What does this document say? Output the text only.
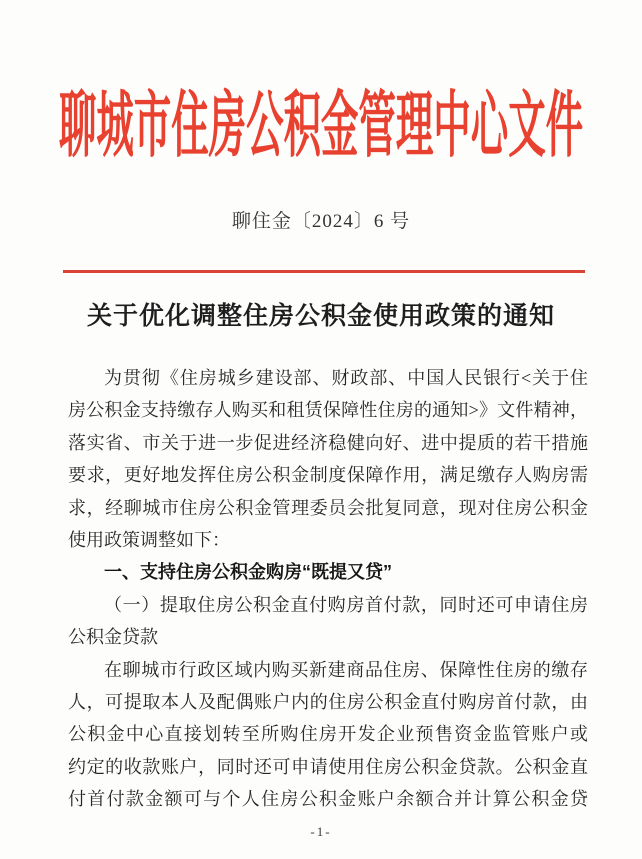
聊城市住房公积金管理中心文件
聊住金〔2024〕6 号
关于优化调整住房公积金使用政策的通知
为贯彻《住房城乡建设部、财政部、中国人民银行<关于住
房公积金支持缴存人购买和租赁保障性住房的通知>》文件精神，
落实省、市关于进一步促进经济稳健向好、进中提质的若干措施
要求，更好地发挥住房公积金制度保障作用，满足缴存人购房需
求，经聊城市住房公积金管理委员会批复同意，现对住房公积金
使用政策调整如下：
一、支持住房公积金购房“既提又贷”
（一）提取住房公积金直付购房首付款，同时还可申请住房
公积金贷款
在聊城市行政区域内购买新建商品住房、保障性住房的缴存
人，可提取本人及配偶账户内的住房公积金直付购房首付款，由
公积金中心直接划转至所购住房开发企业预售资金监管账户或
约定的收款账户，同时还可申请使用住房公积金贷款。公积金直
付首付款金额可与个人住房公积金账户余额合并计算公积金贷
-1-
